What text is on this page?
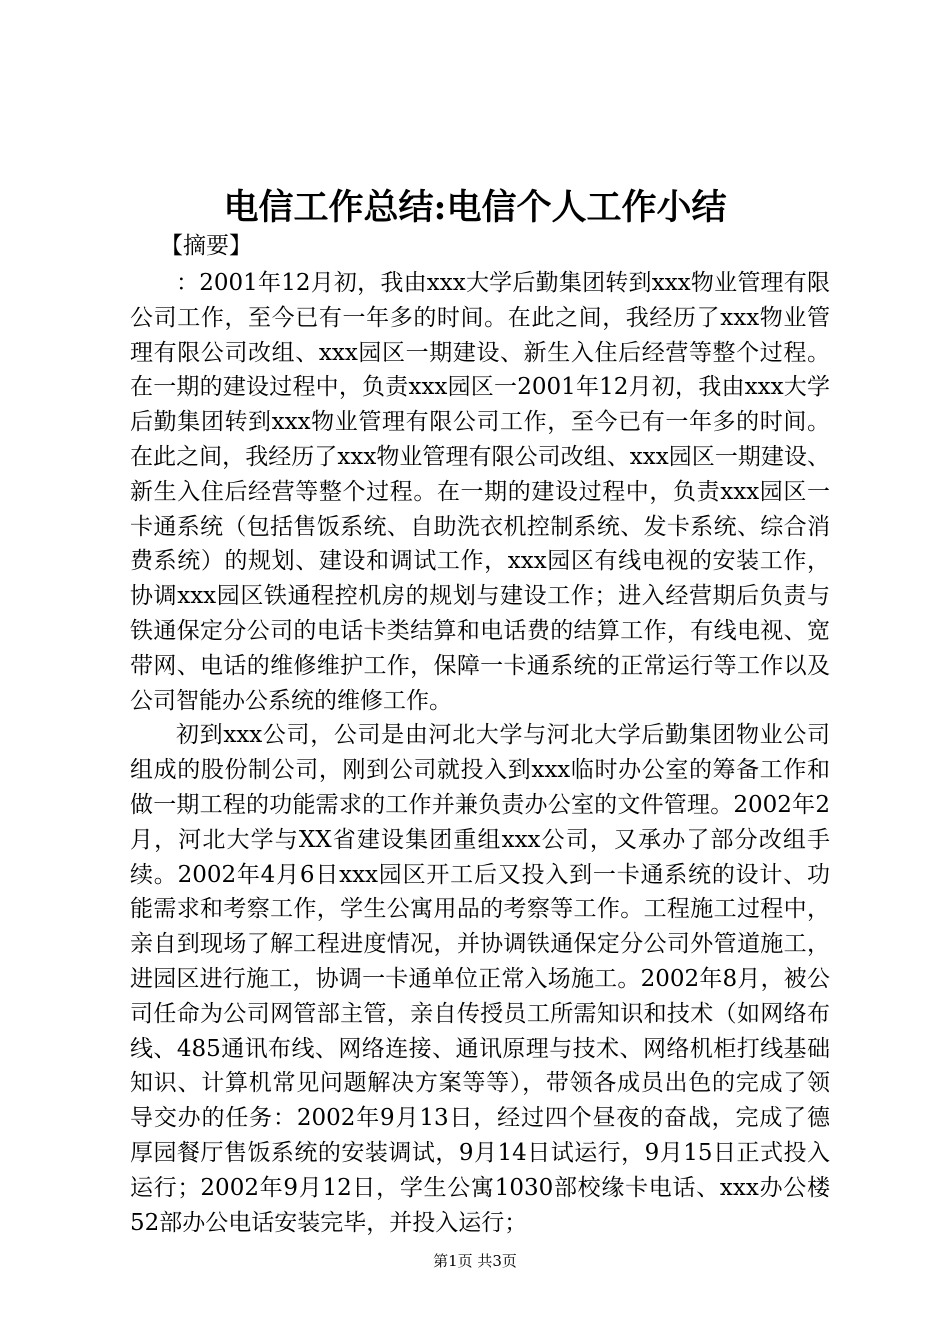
电信工作总结:电信个人工作小结
【摘要】

：2001年12月初，我由xxx大学后勤集团转到xxx物业管理有限公司工作，至今已有一年多的时间。在此之间，我经历了xxx物业管理有限公司改组、xxx园区一期建设、新生入住后经营等整个过程。在一期的建设过程中，负责xxx园区一2001年12月初，我由xxx大学后勤集团转到xxx物业管理有限公司工作，至今已有一年多的时间。在此之间，我经历了xxx物业管理有限公司改组、xxx园区一期建设、新生入住后经营等整个过程。在一期的建设过程中，负责xxx园区一卡通系统（包括售饭系统、自助洗衣机控制系统、发卡系统、综合消费系统）的规划、建设和调试工作，xxx园区有线电视的安装工作，协调xxx园区铁通程控机房的规划与建设工作；进入经营期后负责与铁通保定分公司的电话卡类结算和电话费的结算工作，有线电视、宽带网、电话的维修维护工作，保障一卡通系统的正常运行等工作以及公司智能办公系统的维修工作。

初到xxx公司，公司是由河北大学与河北大学后勤集团物业公司组成的股份制公司，刚到公司就投入到xxx临时办公室的筹备工作和做一期工程的功能需求的工作并兼负责办公室的文件管理。2002年2月，河北大学与XX省建设集团重组xxx公司，又承办了部分改组手续。2002年4月6日xxx园区开工后又投入到一卡通系统的设计、功能需求和考察工作，学生公寓用品的考察等工作。工程施工过程中，亲自到现场了解工程进度情况，并协调铁通保定分公司外管道施工，进园区进行施工，协调一卡通单位正常入场施工。2002年8月，被公司任命为公司网管部主管，亲自传授员工所需知识和技术（如网络布线、485通讯布线、网络连接、通讯原理与技术、网络机柜打线基础知识、计算机常见问题解决方案等等），带领各成员出色的完成了领导交办的任务：2002年9月13日，经过四个昼夜的奋战，完成了德厚园餐厅售饭系统的安装调试，9月14日试运行，9月15日正式投入运行；2002年9月12日，学生公寓1030部校缘卡电话、xxx办公楼52部办公电话安装完毕，并投入运行；

第1页 共3页
